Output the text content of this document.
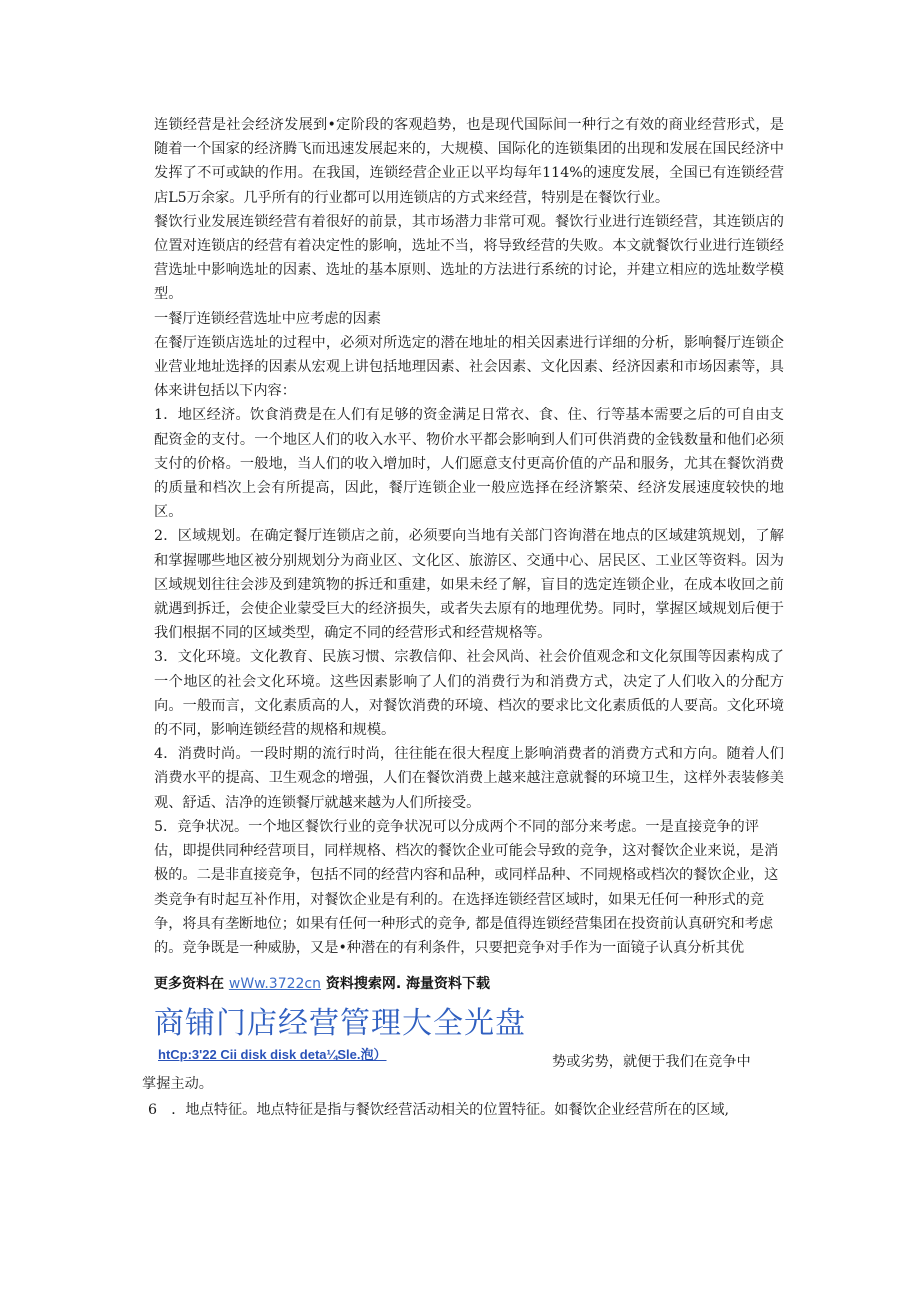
连锁经营是社会经济发展到•定阶段的客观趋势，也是现代国际间一种行之有效的商业经营形式，是随着一个国家的经济腾飞而迅速发展起来的，大规模、国际化的连锁集团的出现和发展在国民经济中发挥了不可或缺的作用。在我国，连锁经营企业正以平均每年114%的速度发展，全国已有连锁经营店L5万余家。几乎所有的行业都可以用连锁店的方式来经营，特别是在餐饮行业。

餐饮行业发展连锁经营有着很好的前景，其市场潜力非常可观。餐饮行业进行连锁经营，其连锁店的位置对连锁店的经营有着决定性的影响，选址不当，将导致经营的失败。本文就餐饮行业进行连锁经营选址中影响选址的因素、选址的基本原则、选址的方法进行系统的讨论，并建立相应的选址数学模型。

一餐厅连锁经营选址中应考虑的因素

在餐厅连锁店选址的过程中，必须对所选定的潜在地址的相关因素进行详细的分析，影响餐厅连锁企业营业地址选择的因素从宏观上讲包括地理因素、社会因素、文化因素、经济因素和市场因素等，具体来讲包括以下内容：

1．地区经济。饮食消费是在人们有足够的资金满足日常衣、食、住、行等基本需要之后的可自由支配资金的支付。一个地区人们的收入水平、物价水平都会影响到人们可供消费的金钱数量和他们必须支付的价格。一般地，当人们的收入增加时，人们愿意支付更高价值的产品和服务，尤其在餐饮消费的质量和档次上会有所提高，因此，餐厅连锁企业一般应选择在经济繁荣、经济发展速度较快的地区。

2．区域规划。在确定餐厅连锁店之前，必须要向当地有关部门咨询潜在地点的区域建筑规划，了解和掌握哪些地区被分别规划分为商业区、文化区、旅游区、交通中心、居民区、工业区等资料。因为区域规划往往会涉及到建筑物的拆迁和重建，如果未经了解，盲目的选定连锁企业，在成本收回之前就遇到拆迁，会使企业蒙受巨大的经济损失，或者失去原有的地理优势。同时，掌握区域规划后便于我们根据不同的区域类型，确定不同的经营形式和经营规格等。

3．文化环境。文化教育、民族习惯、宗教信仰、社会风尚、社会价值观念和文化氛围等因素构成了一个地区的社会文化环境。这些因素影响了人们的消费行为和消费方式，决定了人们收入的分配方向。一般而言，文化素质高的人，对餐饮消费的环境、档次的要求比文化素质低的人要高。文化环境的不同，影响连锁经营的规格和规模。

4．消费时尚。一段时期的流行时尚，往往能在很大程度上影响消费者的消费方式和方向。随着人们消费水平的提高、卫生观念的增强，人们在餐饮消费上越来越注意就餐的环境卫生，这样外表装修美观、舒适、洁净的连锁餐厅就越来越为人们所接受。

5．竞争状况。一个地区餐饮行业的竞争状况可以分成两个不同的部分来考虑。一是直接竞争的评估，即提供同种经营项目，同样规格、档次的餐饮企业可能会导致的竞争，这对餐饮企业来说，是消极的。二是非直接竞争，包括不同的经营内容和品种，或同样品种、不同规格或档次的餐饮企业，这类竞争有时起互补作用，对餐饮企业是有利的。在选择连锁经营区域时，如果无任何一种形式的竞争，将具有垄断地位；如果有任何一种形式的竞争, 都是值得连锁经营集团在投资前认真研究和考虑的。竞争既是一种威胁，又是•种潜在的有利条件，只要把竞争对手作为一面镜子认真分析其优

更多资料在 wWw.3722cn 资料搜索网. 海量资料下载
商铺门店经营管理大全光盘
htCp:3'22 Cii disk disk deta¼Sle.泡）	势或劣势，就便于我们在竞争中

掌握主动。

6　．地点特征。地点特征是指与餐饮经营活动相关的位置特征。如餐饮企业经营所在的区域,
